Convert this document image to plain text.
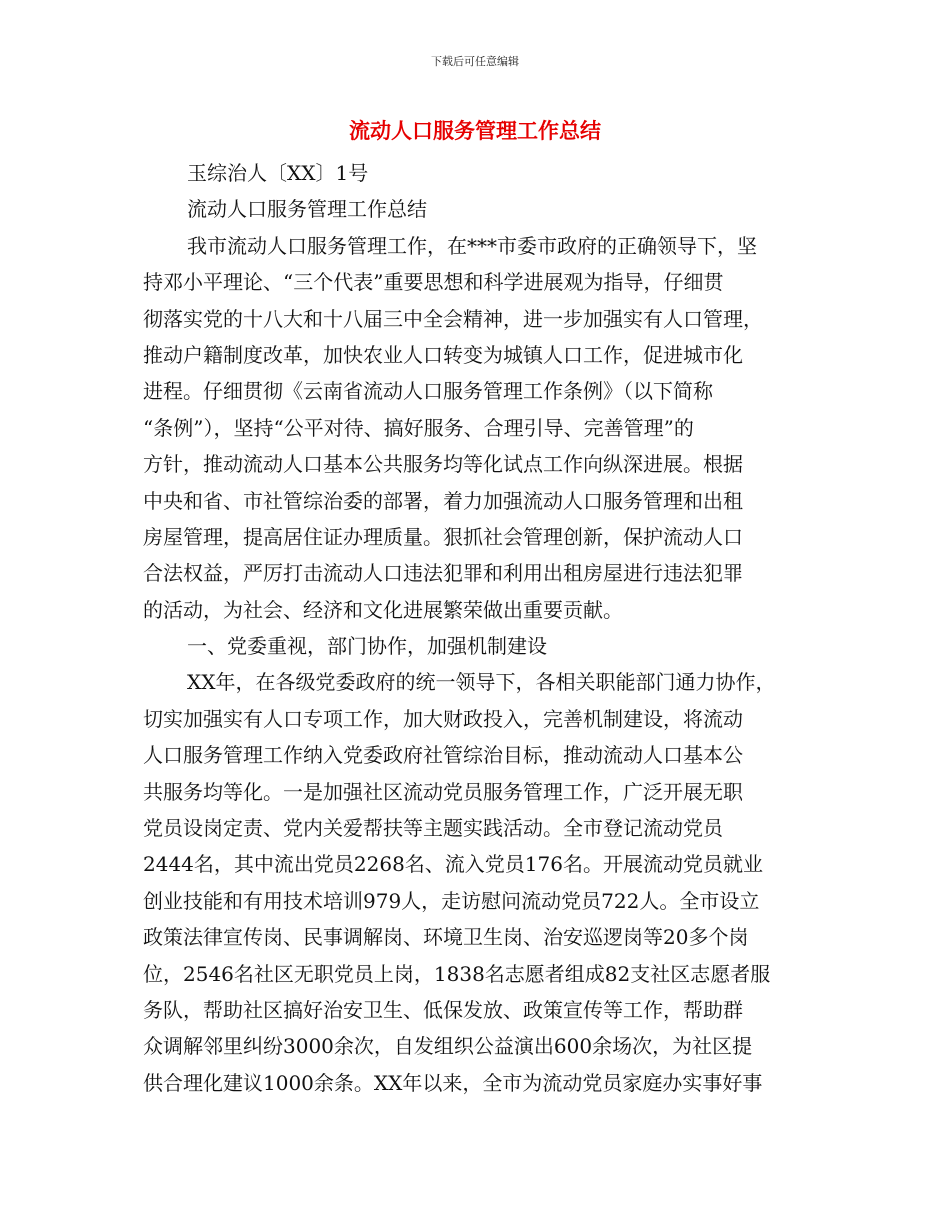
下载后可任意编辑
流动人口服务管理工作总结
玉综治人〔XX〕1号
流动人口服务管理工作总结
我市流动人口服务管理工作，在***市委市政府的正确领导下，坚
持邓小平理论、“三个代表”重要思想和科学进展观为指导，仔细贯
彻落实党的十八大和十八届三中全会精神，进一步加强实有人口管理，
推动户籍制度改革，加快农业人口转变为城镇人口工作，促进城市化
进程。仔细贯彻《云南省流动人口服务管理工作条例》（以下简称
“条例”），坚持“公平对待、搞好服务、合理引导、完善管理”的
方针，推动流动人口基本公共服务均等化试点工作向纵深进展。根据
中央和省、市社管综治委的部署，着力加强流动人口服务管理和出租
房屋管理，提高居住证办理质量。狠抓社会管理创新，保护流动人口
合法权益，严厉打击流动人口违法犯罪和利用出租房屋进行违法犯罪
的活动，为社会、经济和文化进展繁荣做出重要贡献。
一、党委重视，部门协作，加强机制建设
XX年，在各级党委政府的统一领导下，各相关职能部门通力协作，
切实加强实有人口专项工作，加大财政投入，完善机制建设，将流动
人口服务管理工作纳入党委政府社管综治目标，推动流动人口基本公
共服务均等化。一是加强社区流动党员服务管理工作，广泛开展无职
党员设岗定责、党内关爱帮扶等主题实践活动。全市登记流动党员
2444名，其中流出党员2268名、流入党员176名。开展流动党员就业
创业技能和有用技术培训979人，走访慰问流动党员722人。全市设立
政策法律宣传岗、民事调解岗、环境卫生岗、治安巡逻岗等20多个岗
位，2546名社区无职党员上岗，1838名志愿者组成82支社区志愿者服
务队，帮助社区搞好治安卫生、低保发放、政策宣传等工作，帮助群
众调解邻里纠纷3000余次，自发组织公益演出600余场次，为社区提
供合理化建议1000余条。XX年以来，全市为流动党员家庭办实事好事
